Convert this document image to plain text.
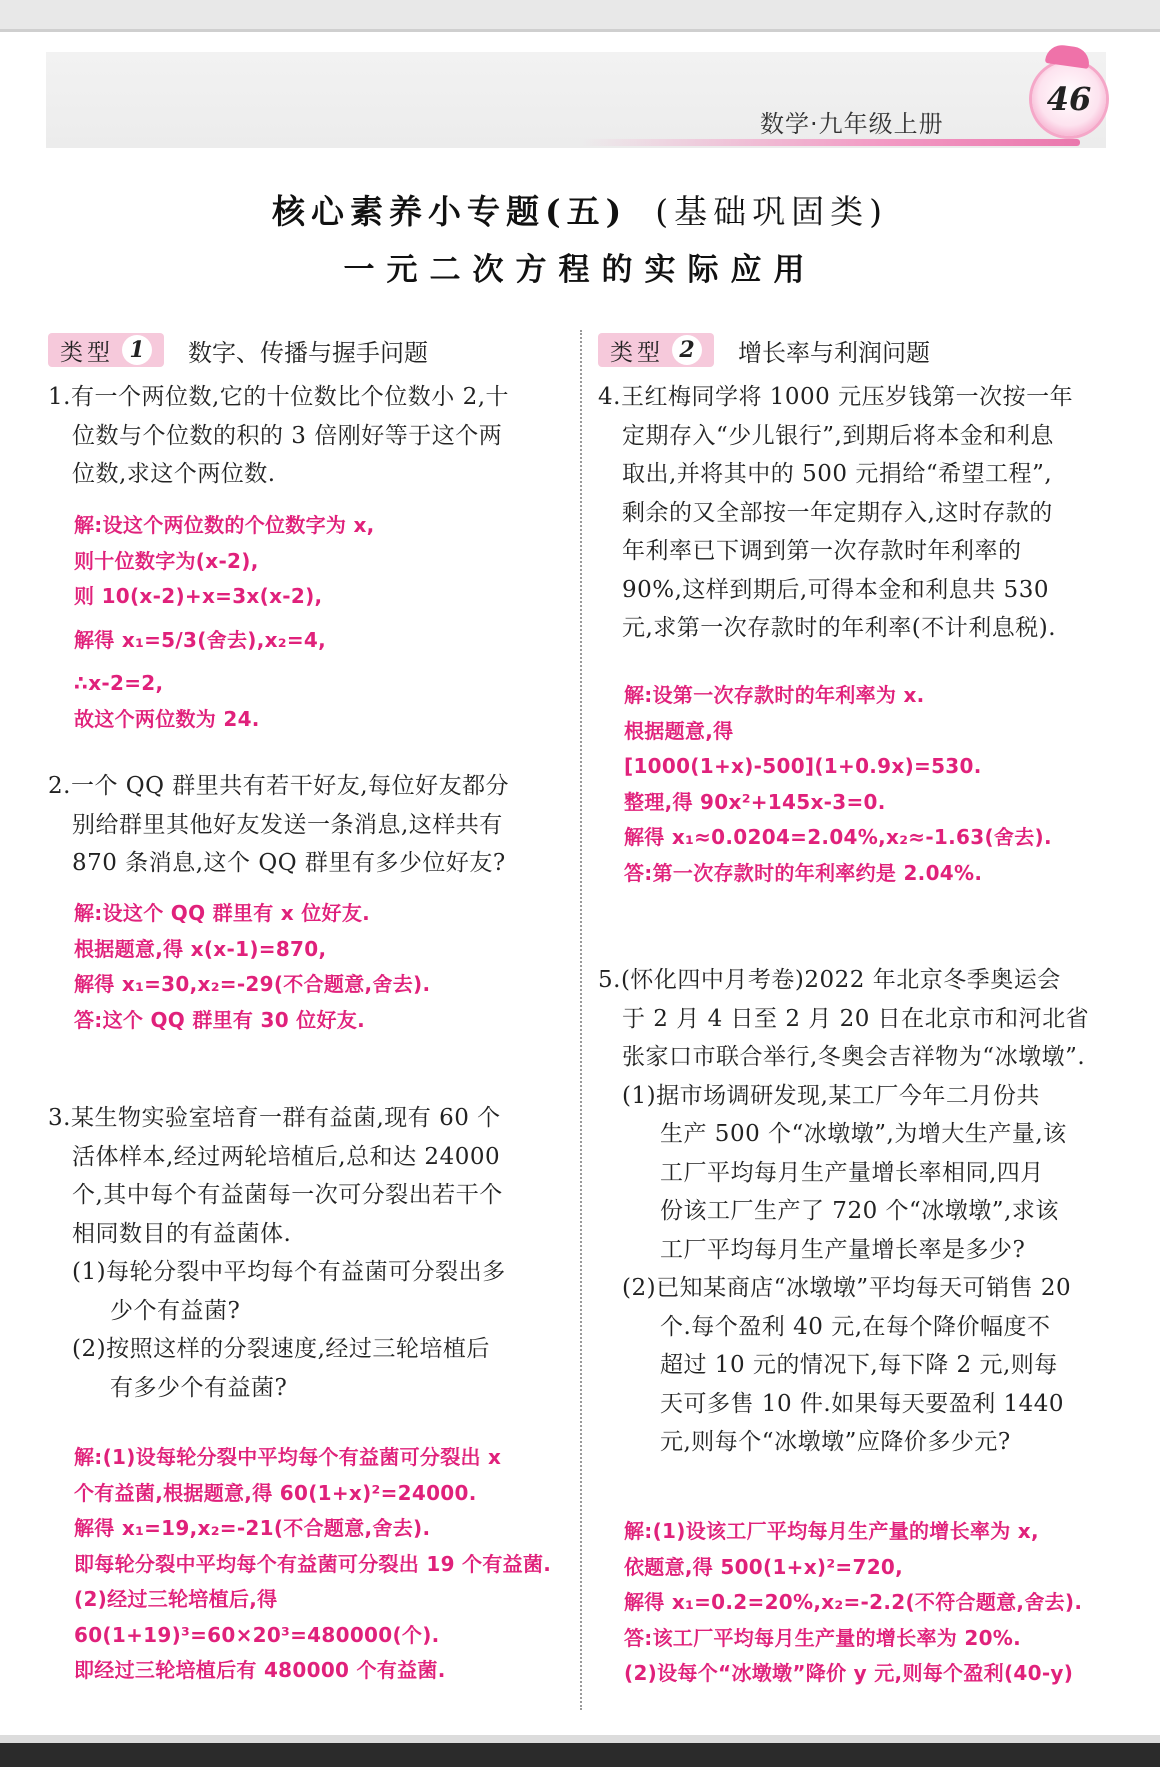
数学·九年级上册
46
核心素养小专题(五) (基础巩固类)
一元二次方程的实际应用
类型 1	数字、传播与握手问题
1.有一个两位数,它的十位数比个位数小 2,十
位数与个位数的积的 3 倍刚好等于这个两
位数,求这个两位数.
解:设这个两位数的个位数字为 x,
则十位数字为(x-2),
则 10(x-2)+x=3x(x-2),
解得 x₁=5/3(舍去),x₂=4,
∴x-2=2,
故这个两位数为 24.
2.一个 QQ 群里共有若干好友,每位好友都分
别给群里其他好友发送一条消息,这样共有
870 条消息,这个 QQ 群里有多少位好友?
解:设这个 QQ 群里有 x 位好友.
根据题意,得 x(x-1)=870,
解得 x₁=30,x₂=-29(不合题意,舍去).
答:这个 QQ 群里有 30 位好友.
3.某生物实验室培育一群有益菌,现有 60 个
活体样本,经过两轮培植后,总和达 24000
个,其中每个有益菌每一次可分裂出若干个
相同数目的有益菌体.
(1)每轮分裂中平均每个有益菌可分裂出多
少个有益菌?
(2)按照这样的分裂速度,经过三轮培植后
有多少个有益菌?
解:(1)设每轮分裂中平均每个有益菌可分裂出 x
个有益菌,根据题意,得 60(1+x)²=24000.
解得 x₁=19,x₂=-21(不合题意,舍去).
即每轮分裂中平均每个有益菌可分裂出 19 个有益菌.
(2)经过三轮培植后,得
60(1+19)³=60×20³=480000(个).
即经过三轮培植后有 480000 个有益菌.
类型 2	增长率与利润问题
4.王红梅同学将 1000 元压岁钱第一次按一年
定期存入“少儿银行”,到期后将本金和利息
取出,并将其中的 500 元捐给“希望工程”,
剩余的又全部按一年定期存入,这时存款的
年利率已下调到第一次存款时年利率的
90%,这样到期后,可得本金和利息共 530
元,求第一次存款时的年利率(不计利息税).
解:设第一次存款时的年利率为 x.
根据题意,得
[1000(1+x)-500](1+0.9x)=530.
整理,得 90x²+145x-3=0.
解得 x₁≈0.0204=2.04%,x₂≈-1.63(舍去).
答:第一次存款时的年利率约是 2.04%.
5.(怀化四中月考卷)2022 年北京冬季奥运会
于 2 月 4 日至 2 月 20 日在北京市和河北省
张家口市联合举行,冬奥会吉祥物为“冰墩墩”.
(1)据市场调研发现,某工厂今年二月份共
生产 500 个“冰墩墩”,为增大生产量,该
工厂平均每月生产量增长率相同,四月
份该工厂生产了 720 个“冰墩墩”,求该
工厂平均每月生产量增长率是多少?
(2)已知某商店“冰墩墩”平均每天可销售 20
个.每个盈利 40 元,在每个降价幅度不
超过 10 元的情况下,每下降 2 元,则每
天可多售 10 件.如果每天要盈利 1440
元,则每个“冰墩墩”应降价多少元?
解:(1)设该工厂平均每月生产量的增长率为 x,
依题意,得 500(1+x)²=720,
解得 x₁=0.2=20%,x₂=-2.2(不符合题意,舍去).
答:该工厂平均每月生产量的增长率为 20%.
(2)设每个“冰墩墩”降价 y 元,则每个盈利(40-y)
